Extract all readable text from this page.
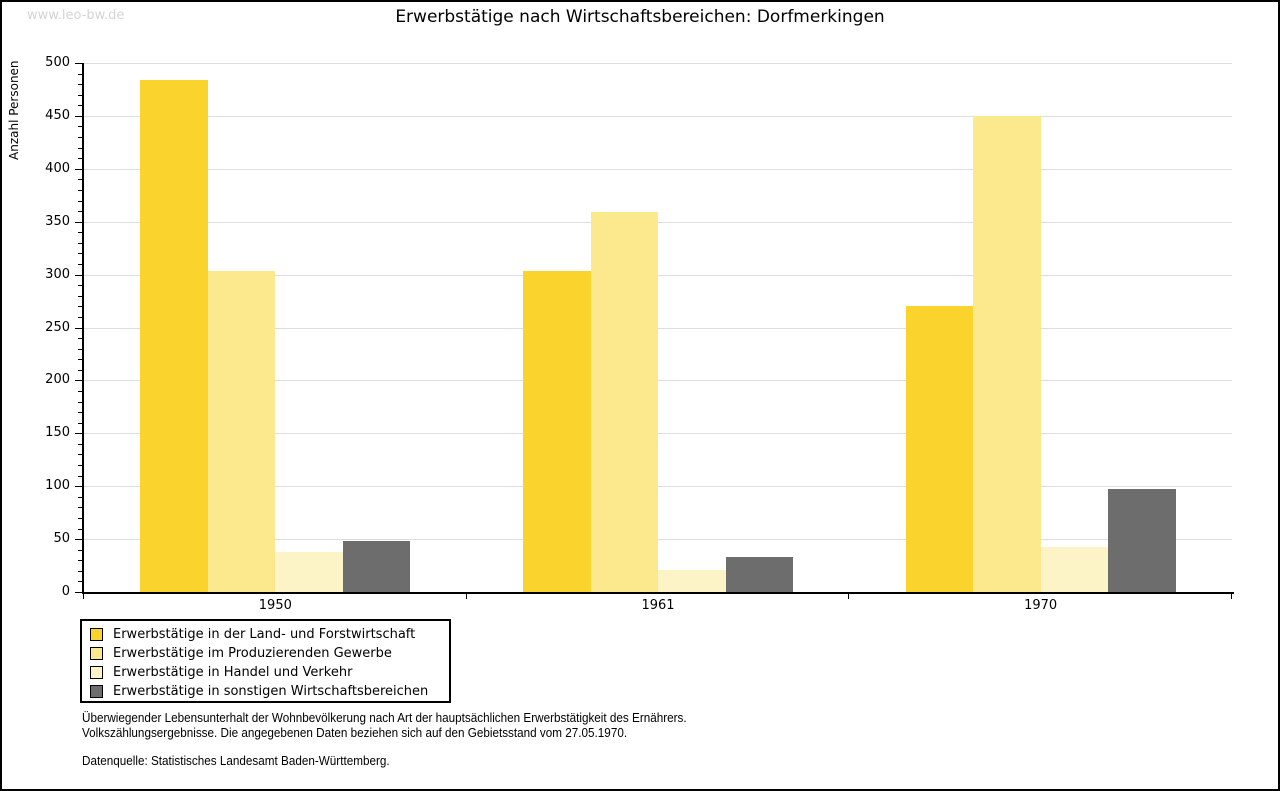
www.leo-bw.de	Erwerbstätige nach Wirtschaftsbereichen: Dorfmerkingen
Anzahl Personen
0
50
100
150
200
250
300
350
400
450
500
1950	1961	1970
Erwerbstätige in der Land- und Forstwirtschaft
Erwerbstätige im Produzierenden Gewerbe
Erwerbstätige in Handel und Verkehr
Erwerbstätige in sonstigen Wirtschaftsbereichen
Überwiegender Lebensunterhalt der Wohnbevölkerung nach Art der hauptsächlichen Erwerbstätigkeit des Ernährers.
Volkszählungsergebnisse. Die angegebenen Daten beziehen sich auf den Gebietsstand vom 27.05.1970.
Datenquelle: Statistisches Landesamt Baden-Württemberg.
